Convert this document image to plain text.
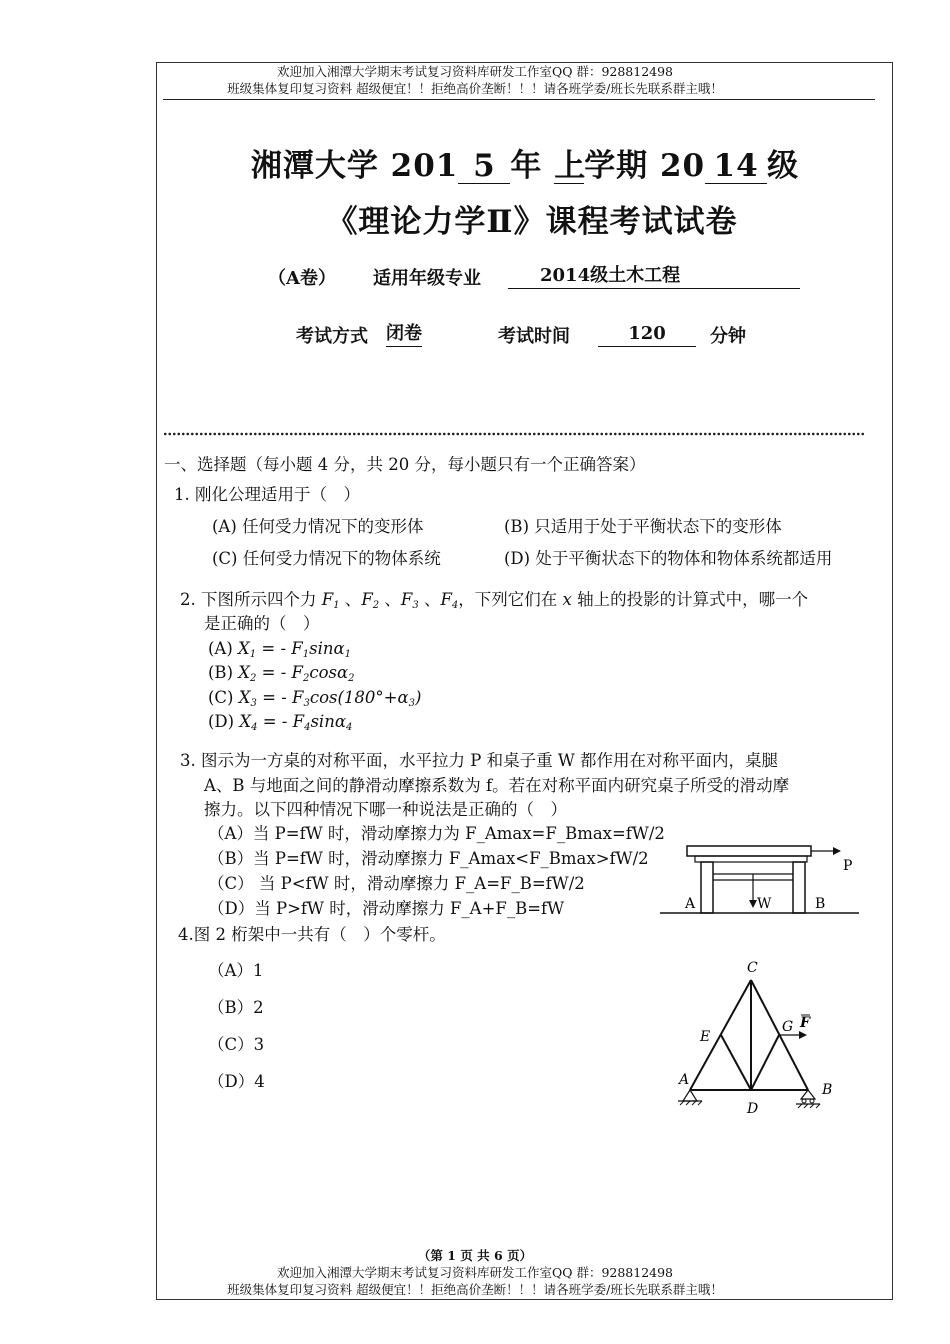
欢迎加入湘潭大学期末考试复习资料库研发工作室QQ 群：928812498
班级集体复印复习资料 超级便宜！！拒绝高价垄断！！！请各班学委/班长先联系群主哦！
湘潭大学 201 5 年 上学期 20 14 级
《理论力学Ⅱ》课程考试试卷
（A卷） 适用年级专业	2014级土木工程
考试方式 闭卷	考试时间	120	分钟
一、选择题（每小题 4 分，共 20 分，每小题只有一个正确答案）
1. 刚化公理适用于（　）
(A) 任何受力情况下的变形体	(B) 只适用于处于平衡状态下的变形体
(C) 任何受力情况下的物体系统	(D) 处于平衡状态下的物体和物体系统都适用
2. 下图所示四个力 $F_1$ 、$F_2$ 、$F_3$ 、$F_4$，下列它们在 x 轴上的投影的计算式中，哪一个
是正确的（　）
(A) $X_1$ = - $F_1\sin\alpha_1$
(B) $X_2$ = - $F_2\cos\alpha_2$
(C) $X_3$ = - $F_3\cos(180^\circ+\alpha_3)$
(D) $X_4$ = - $F_4\sin\alpha_4$
3. 图示为一方桌的对称平面，水平拉力 P 和桌子重 W 都作用在对称平面内，桌腿
A、B 与地面之间的静滑动摩擦系数为 f。若在对称平面内研究桌子所受的滑动摩
擦力。以下四种情况下哪一种说法是正确的（　）
（A）当 P=fW 时，滑动摩擦力为 F_Amax=F_Bmax=fW/2
（B）当 P=fW 时，滑动摩擦力 F_Amax<F_Bmax>fW/2
（C） 当 P<fW 时，滑动摩擦力 F_A=F_B=fW/2
（D）当 P>fW 时，滑动摩擦力 F_A+F_B=fW
P
A	W	B
4.图 2 桁架中一共有（　）个零杆。
（A）1
（B）2
（C）3
（D）4
C
E
G F
A
D
B
（第 1 页 共 6 页）
欢迎加入湘潭大学期末考试复习资料库研发工作室QQ 群：928812498
班级集体复印复习资料 超级便宜！！拒绝高价垄断！！！请各班学委/班长先联系群主哦！
